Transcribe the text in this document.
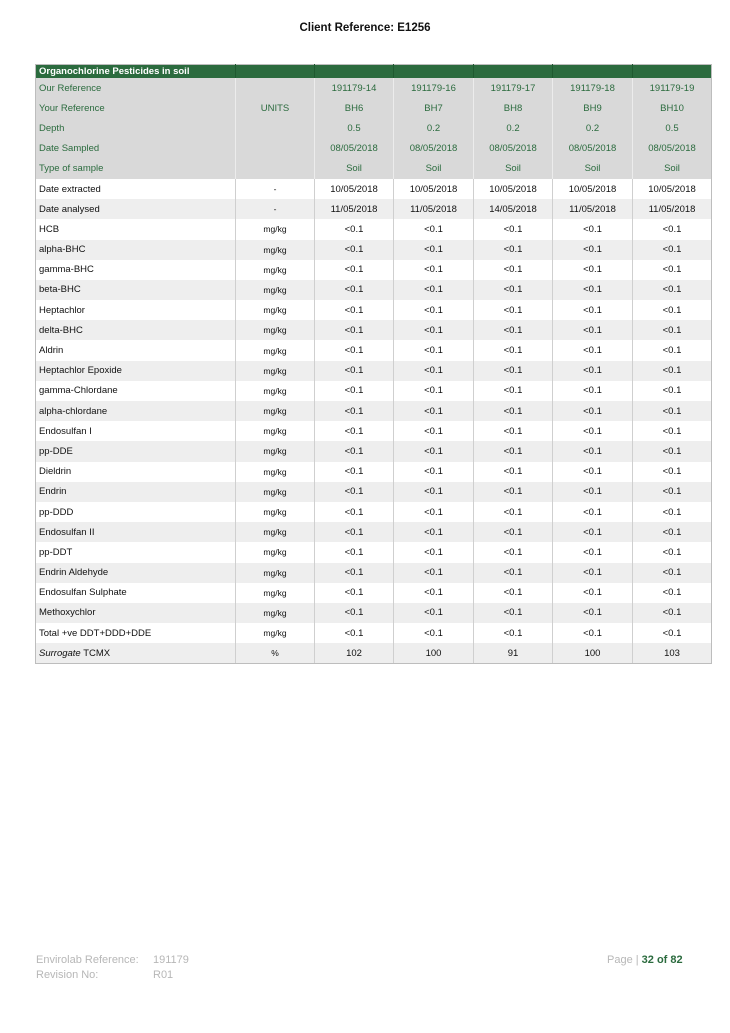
Client Reference: E1256
Organochlorine Pesticides in soil						
Our Reference		191179-14	191179-16	191179-17	191179-18	191179-19
Your Reference	UNITS	BH6	BH7	BH8	BH9	BH10
Depth		0.5	0.2	0.2	0.2	0.5
Date Sampled		08/05/2018	08/05/2018	08/05/2018	08/05/2018	08/05/2018
Type of sample		Soil	Soil	Soil	Soil	Soil
Date extracted	-	10/05/2018	10/05/2018	10/05/2018	10/05/2018	10/05/2018
Date analysed	-	11/05/2018	11/05/2018	14/05/2018	11/05/2018	11/05/2018
HCB	mg/kg	<0.1	<0.1	<0.1	<0.1	<0.1
alpha-BHC	mg/kg	<0.1	<0.1	<0.1	<0.1	<0.1
gamma-BHC	mg/kg	<0.1	<0.1	<0.1	<0.1	<0.1
beta-BHC	mg/kg	<0.1	<0.1	<0.1	<0.1	<0.1
Heptachlor	mg/kg	<0.1	<0.1	<0.1	<0.1	<0.1
delta-BHC	mg/kg	<0.1	<0.1	<0.1	<0.1	<0.1
Aldrin	mg/kg	<0.1	<0.1	<0.1	<0.1	<0.1
Heptachlor Epoxide	mg/kg	<0.1	<0.1	<0.1	<0.1	<0.1
gamma-Chlordane	mg/kg	<0.1	<0.1	<0.1	<0.1	<0.1
alpha-chlordane	mg/kg	<0.1	<0.1	<0.1	<0.1	<0.1
Endosulfan I	mg/kg	<0.1	<0.1	<0.1	<0.1	<0.1
pp-DDE	mg/kg	<0.1	<0.1	<0.1	<0.1	<0.1
Dieldrin	mg/kg	<0.1	<0.1	<0.1	<0.1	<0.1
Endrin	mg/kg	<0.1	<0.1	<0.1	<0.1	<0.1
pp-DDD	mg/kg	<0.1	<0.1	<0.1	<0.1	<0.1
Endosulfan II	mg/kg	<0.1	<0.1	<0.1	<0.1	<0.1
pp-DDT	mg/kg	<0.1	<0.1	<0.1	<0.1	<0.1
Endrin Aldehyde	mg/kg	<0.1	<0.1	<0.1	<0.1	<0.1
Endosulfan Sulphate	mg/kg	<0.1	<0.1	<0.1	<0.1	<0.1
Methoxychlor	mg/kg	<0.1	<0.1	<0.1	<0.1	<0.1
Total +ve DDT+DDD+DDE	mg/kg	<0.1	<0.1	<0.1	<0.1	<0.1
Surrogate TCMX	%	102	100	91	100	103
Envirolab Reference: 191179
Revision No:	R01
Page | 32 of 82
